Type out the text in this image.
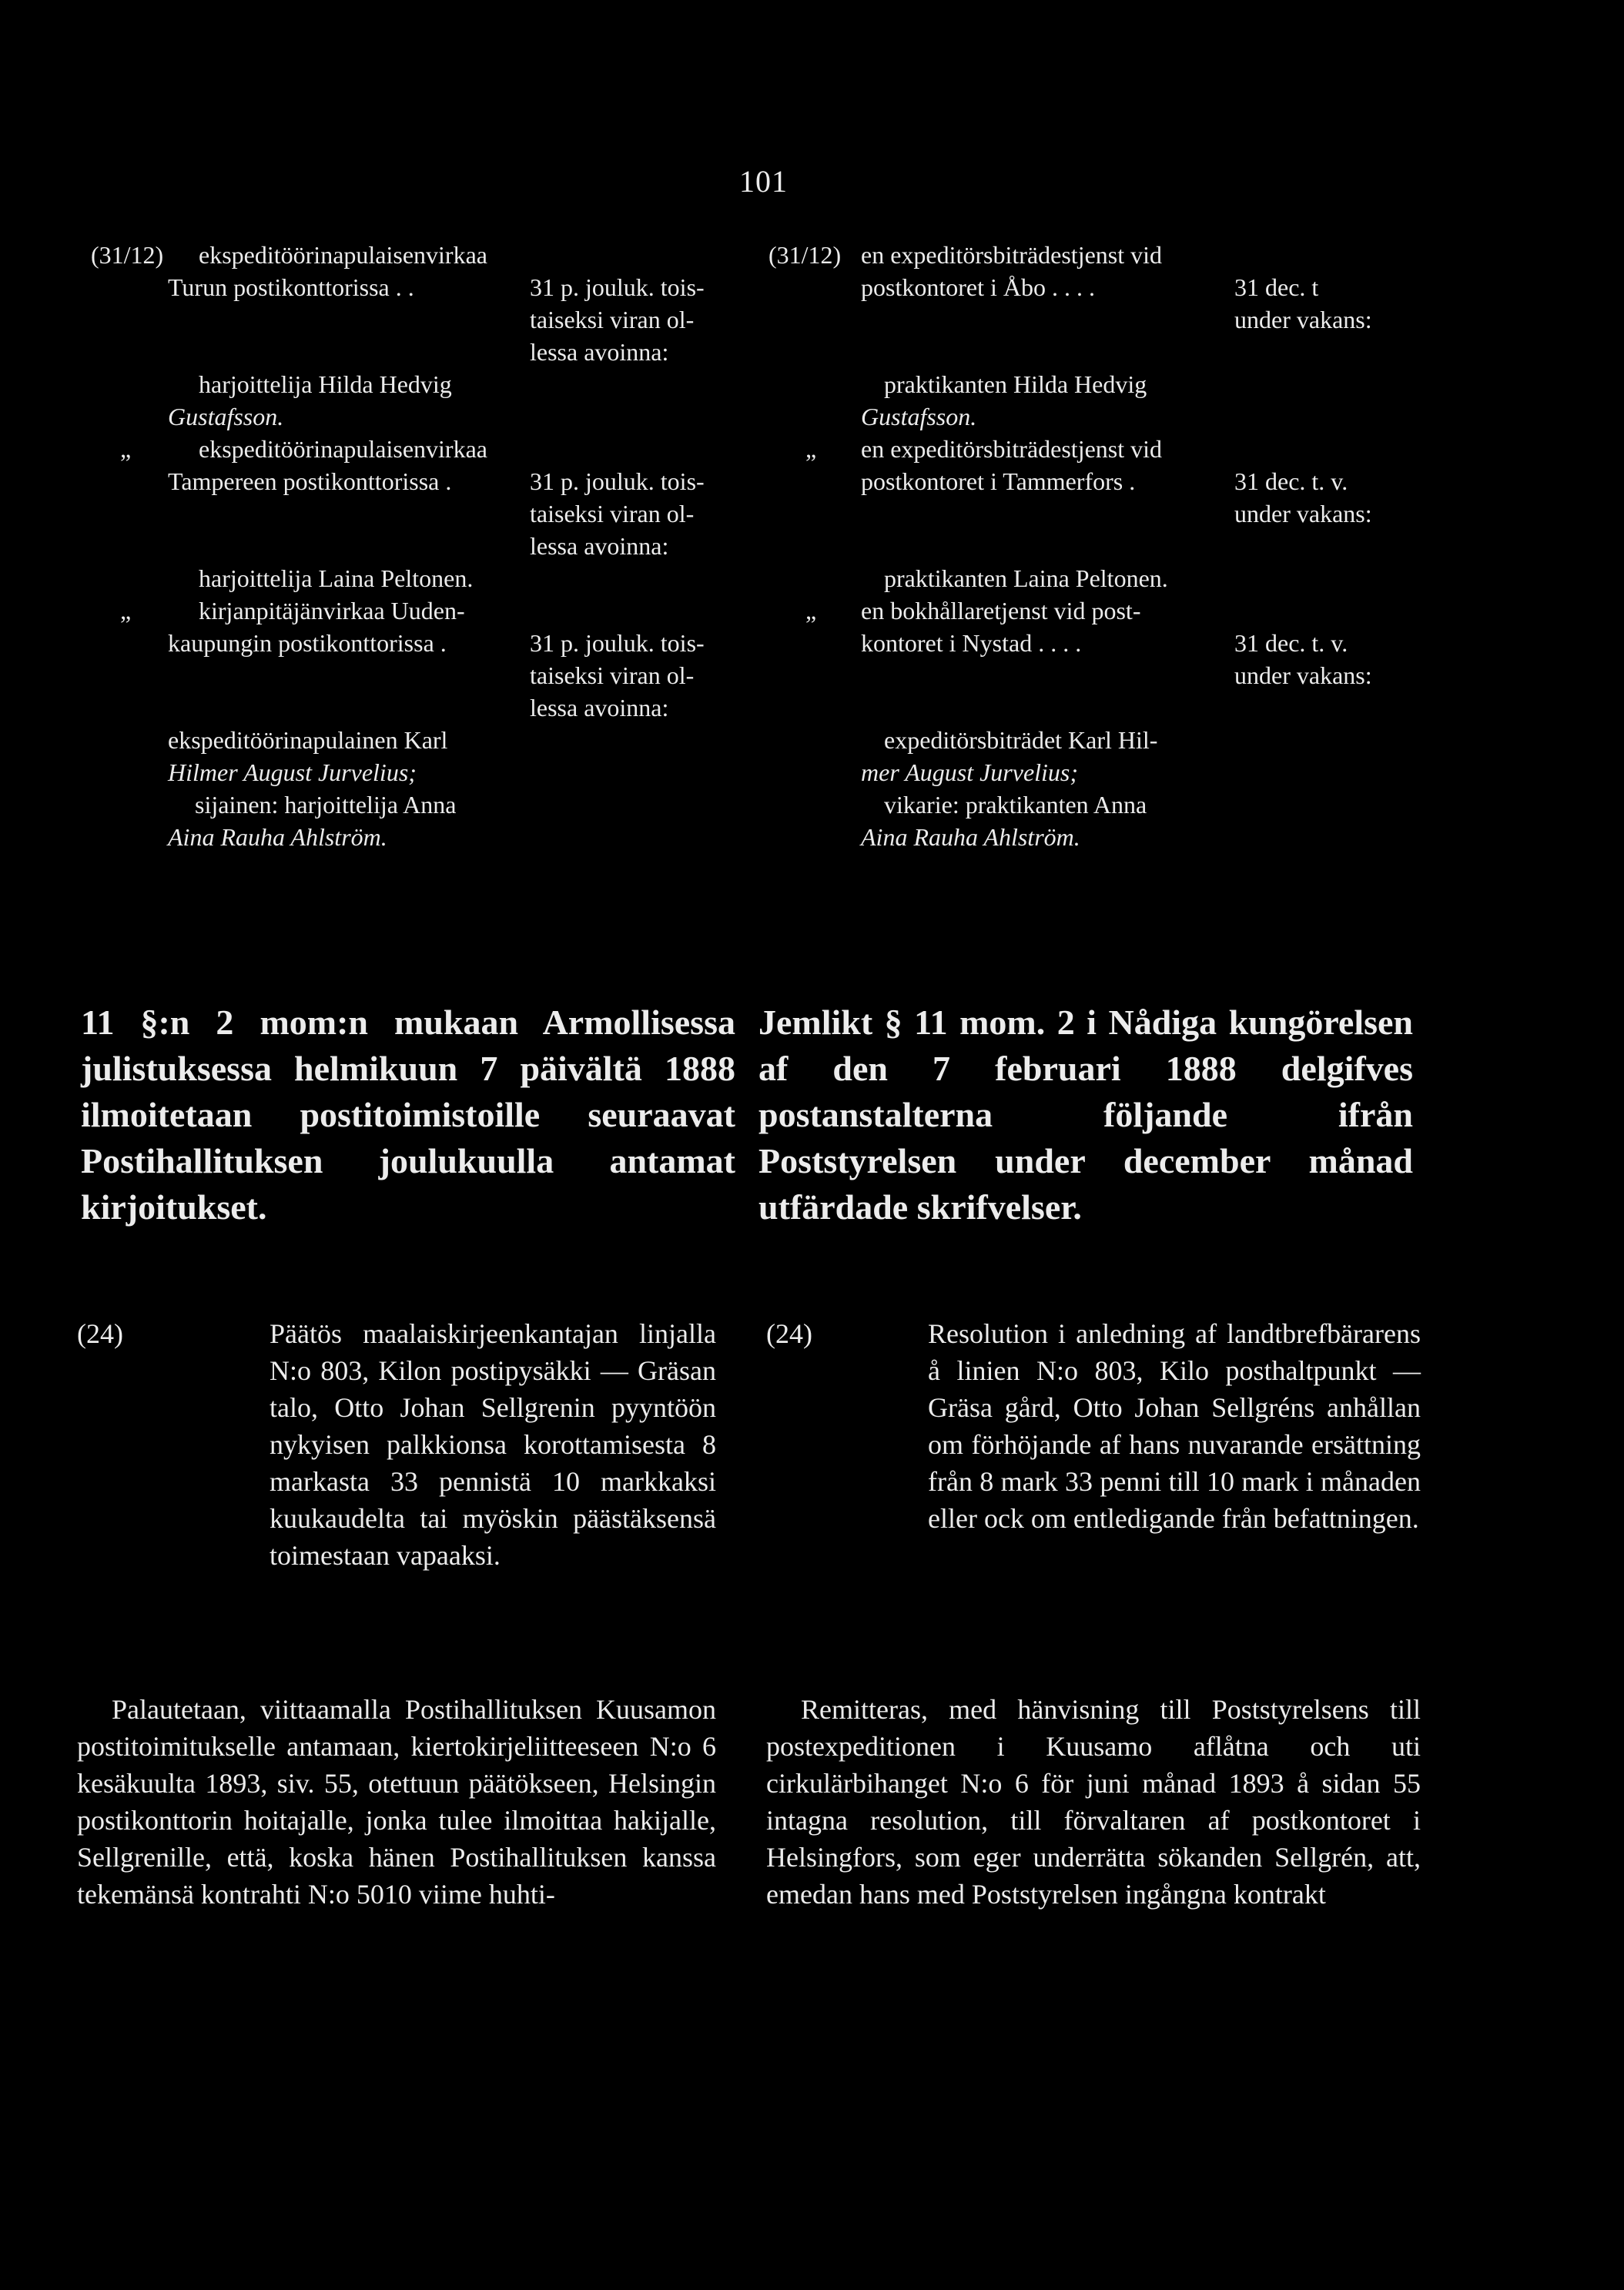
101
(31/12)	ekspeditöörinapulaisenvirkaa
Turun postikonttorissa . .	31 p. jouluk. tois-
taiseksi viran ol-
lessa avoinna:
harjoittelija Hilda Hedvig
Gustafsson.
„	ekspeditöörinapulaisenvirkaa
Tampereen postikonttorissa .	31 p. jouluk. tois-
taiseksi viran ol-
lessa avoinna:
harjoittelija Laina Peltonen.
„	kirjanpitäjänvirkaa Uuden-
kaupungin postikonttorissa .	31 p. jouluk. tois-
taiseksi viran ol-
lessa avoinna:
ekspeditöörinapulainen Karl
Hilmer August Jurvelius;
sijainen: harjoittelija Anna
Aina Rauha Ahlström.
(31/12) en expeditörsbiträdestjenst vid
postkontoret i Åbo . . . .	31 dec. t
under vakans:
praktikanten Hilda Hedvig
Gustafsson.
„	en expeditörsbiträdestjenst vid
postkontoret i Tammerfors .	31 dec. t. v.
under vakans:
praktikanten Laina Peltonen.
„	en bokhållaretjenst vid post-
kontoret i Nystad . . . .	31 dec. t. v.
under vakans:
expeditörsbiträdet Karl Hil-
mer August Jurvelius;
vikarie: praktikanten Anna
Aina Rauha Ahlström.
11 §:n 2 mom:n mukaan Armollisessa julistuksessa helmikuun 7 päivältä 1888 ilmoitetaan postitoimistoille seuraavat Postihallituksen joulukuulla antamat kirjoitukset.
Jemlikt § 11 mom. 2 i Nådiga kungörelsen af den 7 februari 1888 delgifves postanstalterna följande ifrån Poststyrelsen under december månad utfärdade skrifvelser.
(24)	Päätös maalaiskirjeenkantajan linjalla N:o 803, Kilon postipysäkki — Gräsan talo, Otto Johan Sellgrenin pyyntöön nykyisen palkkionsa korottamisesta 8 markasta 33 pennistä 10 markkaksi kuukaudelta tai myöskin päästäksensä toimestaan vapaaksi.
(24)	Resolution i anledning af landtbrefbärarens å linien N:o 803, Kilo posthaltpunkt — Gräsa gård, Otto Johan Sellgréns anhållan om förhöjande af hans nuvarande ersättning från 8 mark 33 penni till 10 mark i månaden eller ock om entledigande från befattningen.
Palautetaan, viittaamalla Postihallituksen Kuusamon postitoimitukselle antamaan, kiertokirjeliitteeseen N:o 6 kesäkuulta 1893, siv. 55, otettuun päätökseen, Helsingin postikonttorin hoitajalle, jonka tulee ilmoittaa hakijalle, Sellgrenille, että, koska hänen Postihallituksen kanssa tekemänsä kontrahti N:o 5010 viime huhti-
Remitteras, med hänvisning till Poststyrelsens till postexpeditionen i Kuusamo aflåtna och uti cirkulärbihanget N:o 6 för juni månad 1893 å sidan 55 intagna resolution, till förvaltaren af postkontoret i Helsingfors, som eger underrätta sökanden Sellgrén, att, emedan hans med Poststyrelsen ingångna kontrakt
